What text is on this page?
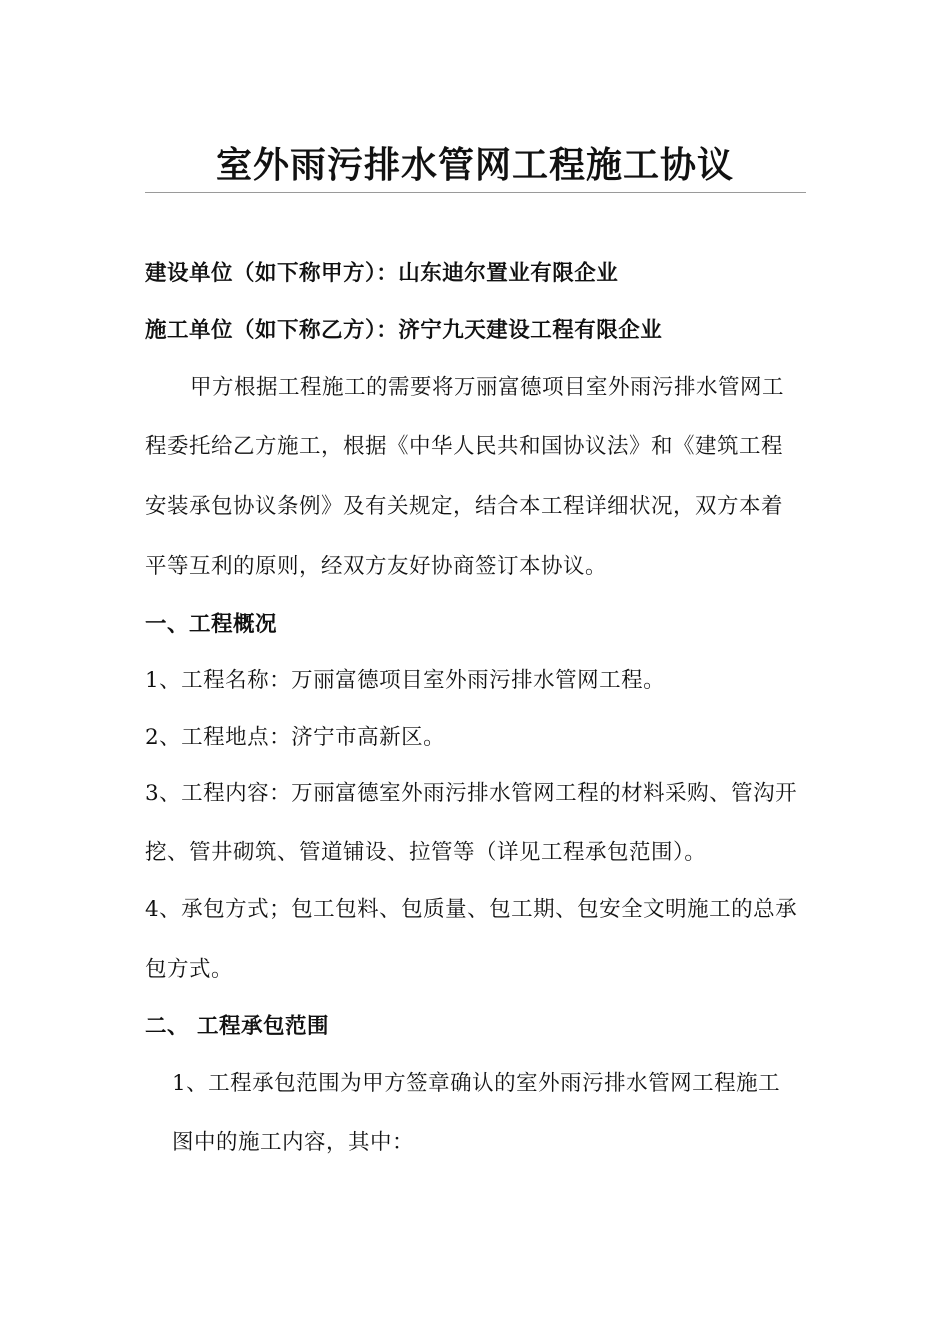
室外雨污排水管网工程施工协议
建设单位（如下称甲方）：山东迪尔置业有限企业
施工单位（如下称乙方）：济宁九天建设工程有限企业
甲方根据工程施工的需要将万丽富德项目室外雨污排水管网工
程委托给乙方施工，根据《中华人民共和国协议法》和《建筑工程
安装承包协议条例》及有关规定，结合本工程详细状况，双方本着
平等互利的原则，经双方友好协商签订本协议。
一、工程概况
1、工程名称：万丽富德项目室外雨污排水管网工程。
2、工程地点：济宁市高新区。
3、工程内容：万丽富德室外雨污排水管网工程的材料采购、管沟开
挖、管井砌筑、管道铺设、拉管等（详见工程承包范围）。
4、承包方式；包工包料、包质量、包工期、包安全文明施工的总承
包方式。
二、 工程承包范围
1、工程承包范围为甲方签章确认的室外雨污排水管网工程施工
图中的施工内容，其中：
